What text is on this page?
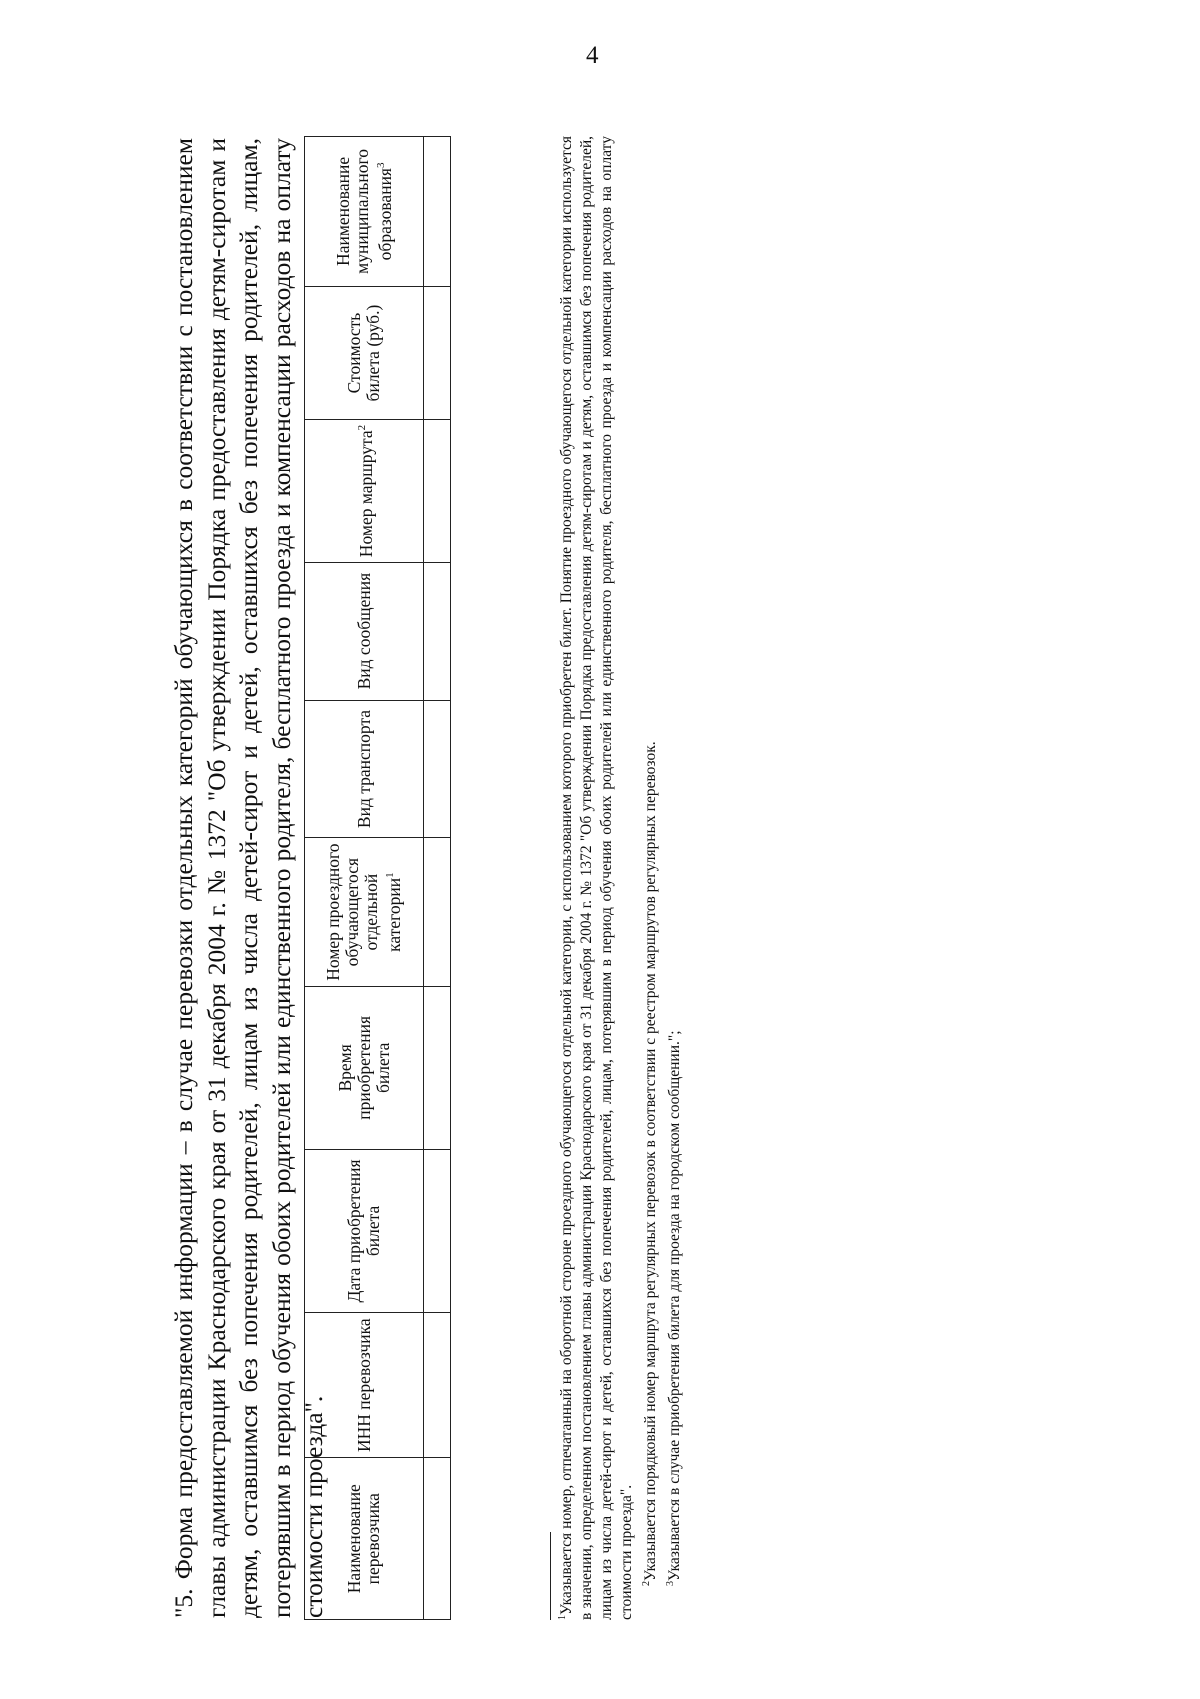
4

"5. Форма предоставляемой информации – в случае перевозки отдельных категорий обучающихся в соответствии с постановлением главы администрации Краснодарского края от 31 декабря 2004 г. № 1372 "Об утверждении Порядка предоставления детям-сиротам и детям, оставшимся без попечения родителей, лицам из числа детей-сирот и детей, оставшихся без попечения родителей, лицам, потерявшим в период обучения обоих родителей или единственного родителя, бесплатного проезда и компенсации расходов на оплату стоимости проезда". Наименование перевозчика	ИНН перевозчика	Дата приобретения билета	Время приобретения билета	Номер проездного обучающегося отдельной категории$^1$	Вид транспорта	Вид сообщения	Номер маршрута$^2$	Стоимость билета (руб.)	Наименование муниципального образования$^3$

$^1$Указывается номер, отпечатанный на оборотной стороне проездного обучающегося отдельной категории, с использованием которого приобретен билет. Понятие проездного обучающегося отдельной категории используется в значении, определенном постановлением главы администрации Краснодарского края от 31 декабря 2004 г. № 1372 "Об утверждении Порядка предоставления детям-сиротам и детям, оставшимся без попечения родителей, лицам из числа детей-сирот и детей, оставшихся без попечения родителей, лицам, потерявшим в период обучения обоих родителей или единственного родителя, бесплатного проезда и компенсации расходов на оплату стоимости проезда". $^2$Указывается порядковый номер маршрута регулярных перевозок в соответствии с реестром маршрутов регулярных перевозок.

$^3$Указывается в случае приобретения билета для проезда на городском сообщении.";
